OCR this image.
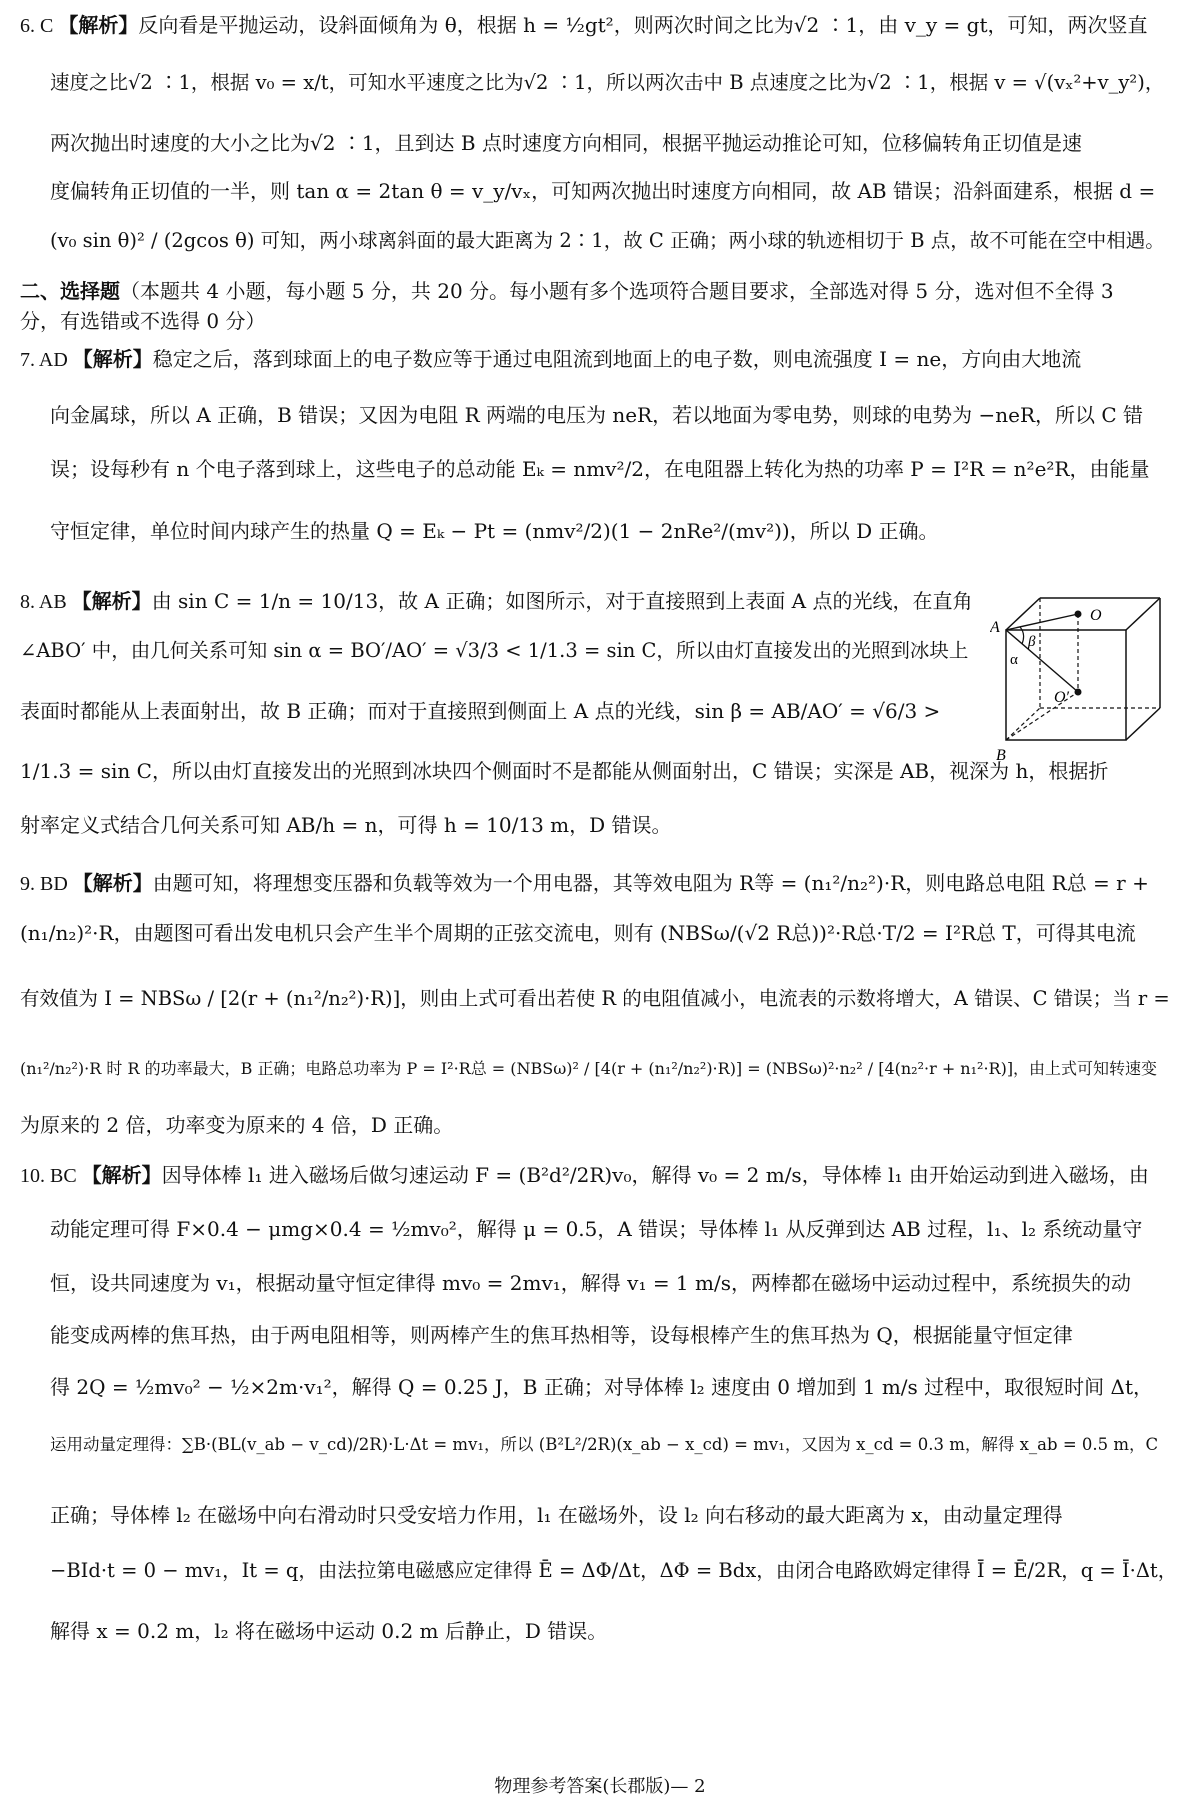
6. C 【解析】反向看是平抛运动，设斜面倾角为 θ，根据 h = ½gt²，则两次时间之比为√2 ∶1，由 v_y = gt，可知，两次竖直
速度之比√2 ∶1，根据 v₀ = x/t，可知水平速度之比为√2 ∶1，所以两次击中 B 点速度之比为√2 ∶1，根据 v = √(vₓ²+v_y²)，
两次抛出时速度的大小之比为√2 ∶1，且到达 B 点时速度方向相同，根据平抛运动推论可知，位移偏转角正切值是速
度偏转角正切值的一半，则 tan α = 2tan θ = v_y/vₓ，可知两次抛出时速度方向相同，故 AB 错误；沿斜面建系，根据 d =
(v₀ sin θ)² / (2gcos θ) 可知，两小球离斜面的最大距离为 2∶1，故 C 正确；两小球的轨迹相切于 B 点，故不可能在空中相遇。
7. AD 【解析】稳定之后，落到球面上的电子数应等于通过电阻流到地面上的电子数，则电流强度 I = ne，方向由大地流
向金属球，所以 A 正确，B 错误；又因为电阻 R 两端的电压为 neR，若以地面为零电势，则球的电势为 −neR，所以 C 错
误；设每秒有 n 个电子落到球上，这些电子的总动能 Eₖ = nmv²/2，在电阻器上转化为热的功率 P = I²R = n²e²R，由能量
守恒定律，单位时间内球产生的热量 Q = Eₖ − Pt = (nmv²/2)(1 − 2nRe²/(mv²))，所以 D 正确。
8. AB 【解析】由 sin C = 1/n = 10/13，故 A 正确；如图所示，对于直接照到上表面 A 点的光线，在直角
∠ABO′ 中，由几何关系可知 sin α = BO′/AO′ = √3/3 < 1/1.3 = sin C，所以由灯直接发出的光照到冰块上
表面时都能从上表面射出，故 B 正确；而对于直接照到侧面上 A 点的光线，sin β = AB/AO′ = √6/3 >
1/1.3 = sin C，所以由灯直接发出的光照到冰块四个侧面时不是都能从侧面射出，C 错误；实深是 AB，视深为 h，根据折
射率定义式结合几何关系可知 AB/h = n，可得 h = 10/13 m，D 错误。
9. BD 【解析】由题可知，将理想变压器和负载等效为一个用电器，其等效电阻为 R等 = (n₁²/n₂²)·R，则电路总电阻 R总 = r +
(n₁/n₂)²·R，由题图可看出发电机只会产生半个周期的正弦交流电，则有 (NBSω/(√2 R总))²·R总·T/2 = I²R总 T，可得其电流
有效值为 I = NBSω / [2(r + (n₁²/n₂²)·R)]，则由上式可看出若使 R 的电阻值减小，电流表的示数将增大，A 错误、C 错误；当 r =
(n₁²/n₂²)·R 时 R 的功率最大，B 正确；电路总功率为 P = I²·R总 = (NBSω)² / [4(r + (n₁²/n₂²)·R)] = (NBSω)²·n₂² / [4(n₂²·r + n₁²·R)]，由上式可知转速变
为原来的 2 倍，功率变为原来的 4 倍，D 正确。
10. BC 【解析】因导体棒 l₁ 进入磁场后做匀速运动 F = (B²d²/2R)v₀，解得 v₀ = 2 m/s，导体棒 l₁ 由开始运动到进入磁场，由
动能定理可得 F×0.4 − μmg×0.4 = ½mv₀²，解得 μ = 0.5，A 错误；导体棒 l₁ 从反弹到达 AB 过程，l₁、l₂ 系统动量守
恒，设共同速度为 v₁，根据动量守恒定律得 mv₀ = 2mv₁，解得 v₁ = 1 m/s，两棒都在磁场中运动过程中，系统损失的动
能变成两棒的焦耳热，由于两电阻相等，则两棒产生的焦耳热相等，设每根棒产生的焦耳热为 Q，根据能量守恒定律
得 2Q = ½mv₀² − ½×2m·v₁²，解得 Q = 0.25 J，B 正确；对导体棒 l₂ 速度由 0 增加到 1 m/s 过程中，取很短时间 Δt，
运用动量定理得：∑B·(BL(v_ab − v_cd)/2R)·L·Δt = mv₁，所以 (B²L²/2R)(x_ab − x_cd) = mv₁，又因为 x_cd = 0.3 m，解得 x_ab = 0.5 m，C
正确；导体棒 l₂ 在磁场中向右滑动时只受安培力作用，l₁ 在磁场外，设 l₂ 向右移动的最大距离为 x，由动量定理得
−BId·t = 0 − mv₁，It = q，由法拉第电磁感应定律得 Ē = ΔΦ/Δt，ΔΦ = Bdx，由闭合电路欧姆定律得 Ī = Ē/2R，q = Ī·Δt，
解得 x = 0.2 m，l₂ 将在磁场中运动 0.2 m 后静止，D 错误。
二、选择题（本题共 4 小题，每小题 5 分，共 20 分。每小题有多个选项符合题目要求，全部选对得 5 分，选对但不全得 3
分，有选错或不选得 0 分）
A
B
O
O′
α
β
物理参考答案(长郡版)— 2
